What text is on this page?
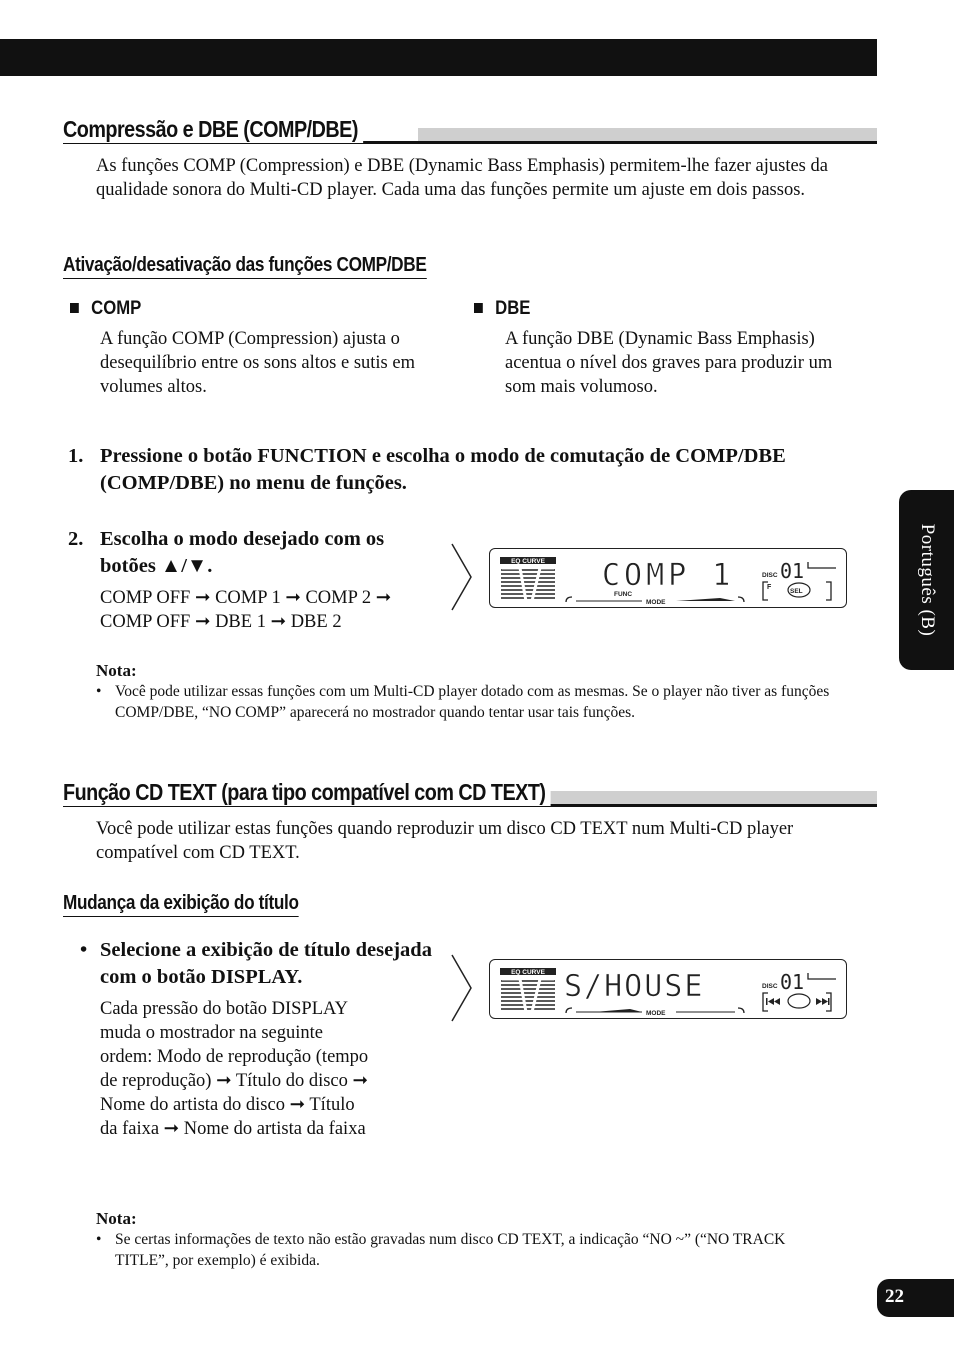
Compressão e DBE (COMP/DBE)
As funções COMP (Compression) e DBE (Dynamic Bass Emphasis) permitem-lhe fazer ajustes da qualidade sonora do Multi-CD player. Cada uma das funções permite um ajuste em dois passos.
Ativação/desativação das funções COMP/DBE
COMP
A função COMP (Compression) ajusta o desequilíbrio entre os sons altos e sutis em volumes altos.
DBE
A função DBE (Dynamic Bass Emphasis) acentua o nível dos graves para produzir um som mais volumoso.
1. Pressione o botão FUNCTION e escolha o modo de comutação de COMP/DBE (COMP/DBE) no menu de funções.
2. Escolha o modo desejado com os botões ▲/▼.
COMP OFF ➞ COMP 1 ➞ COMP 2 ➞ COMP OFF ➞ DBE 1 ➞ DBE 2
EQ CURVE COMP 1	DISC 01
FUNC
MODE
F
SEL
Nota:
• Você pode utilizar essas funções com um Multi-CD player dotado com as mesmas. Se o player não tiver as funções COMP/DBE, “NO COMP” aparecerá no mostrador quando tentar usar tais funções.
Função CD TEXT (para tipo compatível com CD TEXT)
Você pode utilizar estas funções quando reproduzir um disco CD TEXT num Multi-CD player compatível com CD TEXT.
Mudança da exibição do título
• Selecione a exibição de título desejada com o botão DISPLAY.
Cada pressão do botão DISPLAY muda o mostrador na seguinte ordem: Modo de reprodução (tempo de reprodução) ➞ Título do disco ➞ Nome do artista do disco ➞ Título da faixa ➞ Nome do artista da faixa
EQ CURVE S/HOUSE	DISC 01
MODE
Nota:
• Se certas informações de texto não estão gravadas num disco CD TEXT, a indicação “NO ~” (“NO TRACK TITLE”, por exemplo) é exibida.
Português (B)
22
